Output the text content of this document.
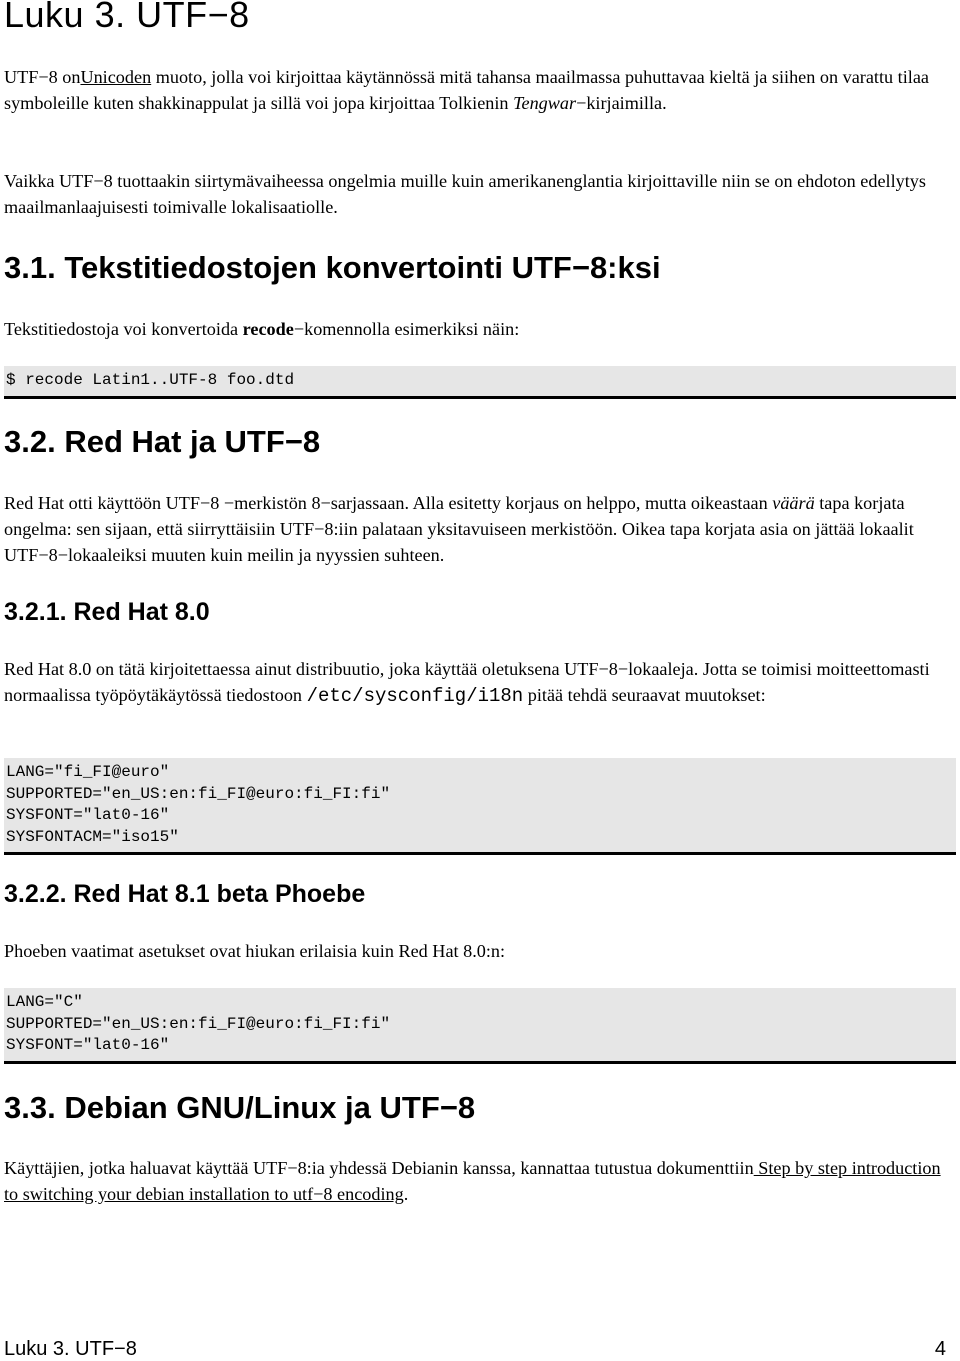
Luku 3. UTF−8

UTF−8 onUnicoden muoto, jolla voi kirjoittaa käytännössä mitä tahansa maailmassa puhuttavaa kieltä ja siihen on varattu tilaa symboleille kuten shakkinappulat ja sillä voi jopa kirjoittaa Tolkienin Tengwar−kirjaimilla.

Vaikka UTF−8 tuottaakin siirtymävaiheessa ongelmia muille kuin amerikanenglantia kirjoittaville niin se on ehdoton edellytys maailmanlaajuisesti toimivalle lokalisaatiolle.

3.1. Tekstitiedostojen konvertointi UTF−8:ksi

Tekstitiedostoja voi konvertoida recode−komennolla esimerkiksi näin:

$ recode Latin1..UTF-8 foo.dtd
3.2. Red Hat ja UTF−8

Red Hat otti käyttöön UTF−8 −merkistön 8−sarjassaan. Alla esitetty korjaus on helppo, mutta oikeastaan väärä tapa korjata ongelma: sen sijaan, että siirryttäisiin UTF−8:iin palataan yksitavuiseen merkistöön. Oikea tapa korjata asia on jättää lokaalit UTF−8−lokaaleiksi muuten kuin meilin ja nyyssien suhteen.

3.2.1. Red Hat 8.0

Red Hat 8.0 on tätä kirjoitettaessa ainut distribuutio, joka käyttää oletuksena UTF−8−lokaaleja. Jotta se toimisi moitteettomasti normaalissa työpöytäkäytössä tiedostoon /etc/sysconfig/i18n pitää tehdä seuraavat muutokset:

LANG="fi_FI@euro"
SUPPORTED="en_US:en:fi_FI@euro:fi_FI:fi"
SYSFONT="lat0-16"
SYSFONTACM="iso15"
3.2.2. Red Hat 8.1 beta Phoebe

Phoeben vaatimat asetukset ovat hiukan erilaisia kuin Red Hat 8.0:n:

LANG="C"
SUPPORTED="en_US:en:fi_FI@euro:fi_FI:fi"
SYSFONT="lat0-16"
3.3. Debian GNU/Linux ja UTF−8

Käyttäjien, jotka haluavat käyttää UTF−8:ia yhdessä Debianin kanssa, kannattaa tutustua dokumenttiin Step by step introduction to switching your debian installation to utf−8 encoding.

Luku 3. UTF−8	4
